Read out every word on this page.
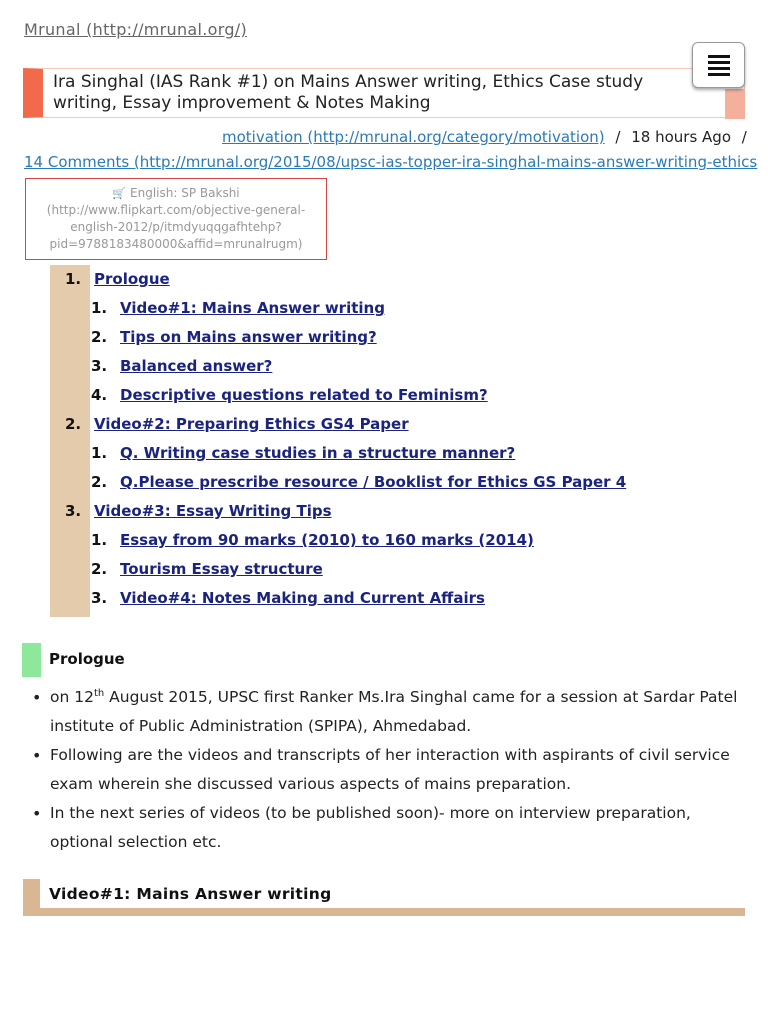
Mrunal (http://mrunal.org/)
Ira Singhal (IAS Rank #1) on Mains Answer writing, Ethics Case study writing, Essay improvement & Notes Making
motivation (http://mrunal.org/category/motivation) / 18 hours Ago /
14 Comments (http://mrunal.org/2015/08/upsc-ias-topper-ira-singhal-mains-answer-writing-ethics
🛒 English: SP Bakshi (http://www.flipkart.com/objective-general-english-2012/p/itmdyuqqgafhtehp?pid=9788183480000&affid=mrunalrugm)
1. Prologue
1. Video#1: Mains Answer writing
2. Tips on Mains answer writing?
3. Balanced answer?
4. Descriptive questions related to Feminism?
2. Video#2: Preparing Ethics GS4 Paper
1. Q. Writing case studies in a structure manner?
2. Q.Please prescribe resource / Booklist for Ethics GS Paper 4
3. Video#3: Essay Writing Tips
1. Essay from 90 marks (2010) to 160 marks (2014)
2. Tourism Essay structure
3. Video#4: Notes Making and Current Affairs
Prologue
• on 12th August 2015, UPSC first Ranker Ms.Ira Singhal came for a session at Sardar Patel institute of Public Administration (SPIPA), Ahmedabad.
• Following are the videos and transcripts of her interaction with aspirants of civil service exam wherein she discussed various aspects of mains preparation.
• In the next series of videos (to be published soon)- more on interview preparation, optional selection etc.
Video#1: Mains Answer writing
